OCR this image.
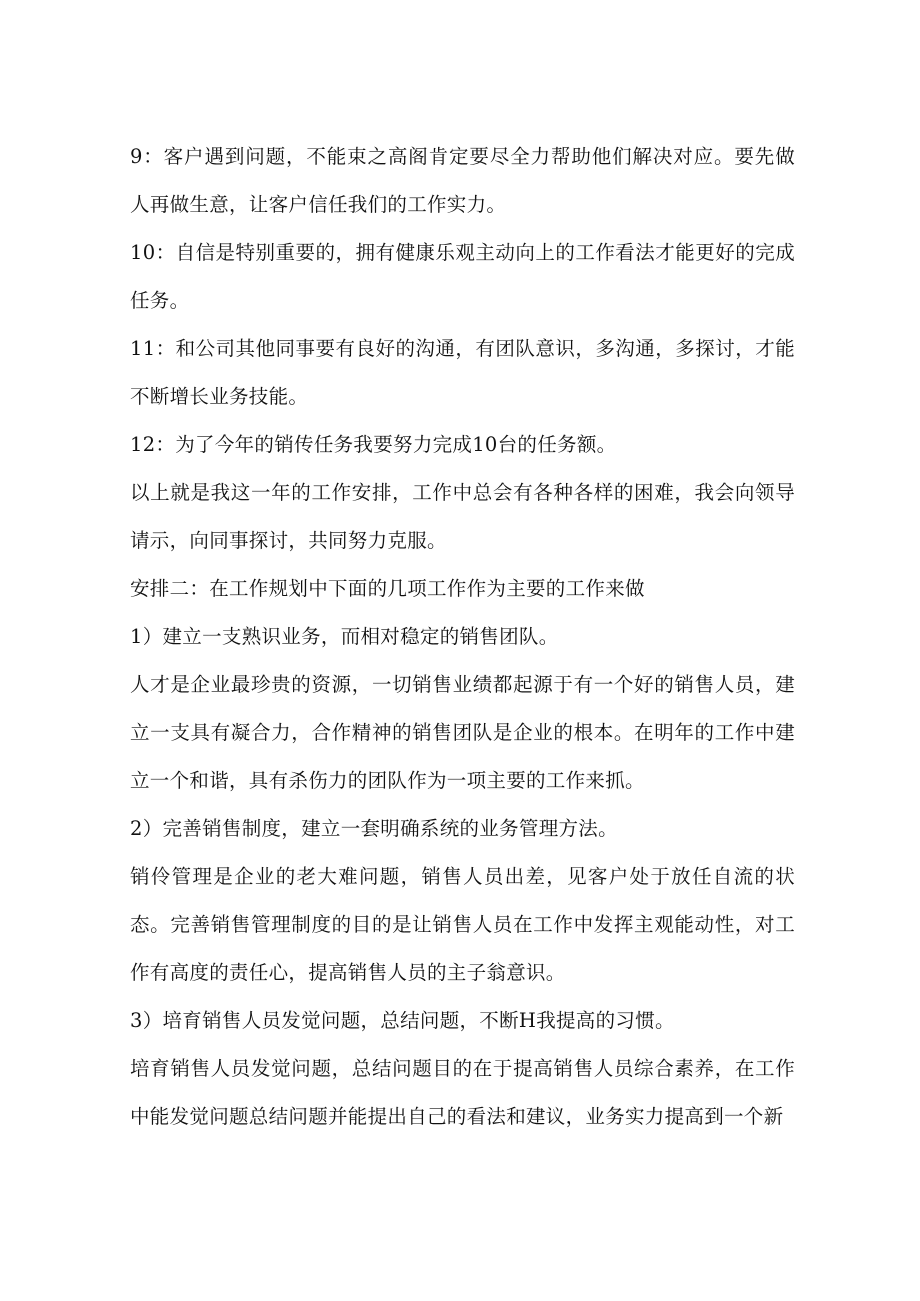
9：客户遇到问题，不能束之高阁肯定要尽全力帮助他们解决对应。要先做人再做生意，让客户信任我们的工作实力。

10：自信是特别重要的，拥有健康乐观主动向上的工作看法才能更好的完成任务。

11：和公司其他同事要有良好的沟通，有团队意识，多沟通，多探讨，才能不断增长业务技能。

12：为了今年的销传任务我要努力完成10台的任务额。

以上就是我这一年的工作安排，工作中总会有各种各样的困难，我会向领导请示，向同事探讨，共同努力克服。

安排二：在工作规划中下面的几项工作作为主要的工作来做

1）建立一支熟识业务，而相对稳定的销售团队。

人才是企业最珍贵的资源，一切销售业绩都起源于有一个好的销售人员，建立一支具有凝合力，合作精神的销售团队是企业的根本。在明年的工作中建立一个和谐，具有杀伤力的团队作为一项主要的工作来抓。

2）完善销售制度，建立一套明确系统的业务管理方法。

销伶管理是企业的老大难问题，销售人员出差，见客户处于放任自流的状态。完善销售管理制度的目的是让销售人员在工作中发挥主观能动性，对工作有高度的责任心，提高销售人员的主子翁意识。

3）培育销售人员发觉问题，总结问题，不断H我提高的习惯。

培育销售人员发觉问题，总结问题目的在于提高销售人员综合素养，在工作中能发觉问题总结问题并能提出自己的看法和建议，业务实力提高到一个新
